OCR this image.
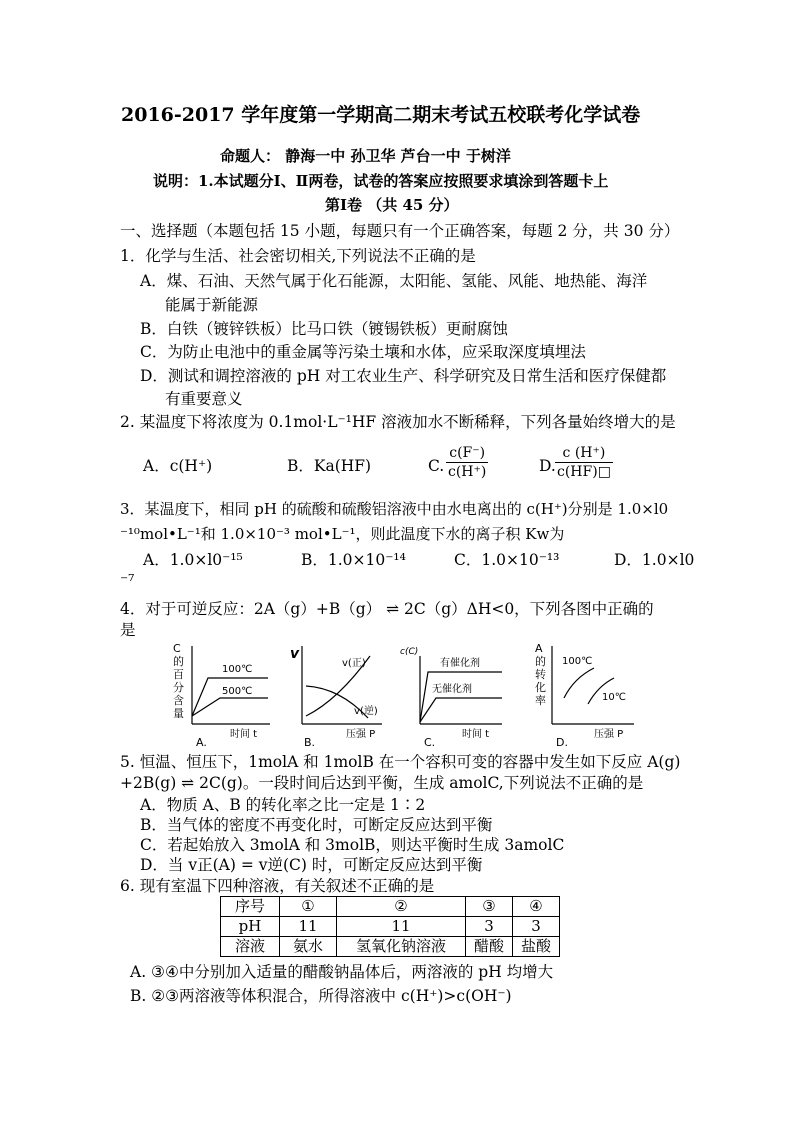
2016-2017 学年度第一学期高二期末考试五校联考化学试卷
命题人： 静海一中 孙卫华 芦台一中 于树洋
说明：1.本试题分Ⅰ、Ⅱ两卷，试卷的答案应按照要求填涂到答题卡上
第Ⅰ卷 （共 45 分）
一、选择题（本题包括 15 小题，每题只有一个正确答案，每题 2 分，共 30 分）
1．化学与生活、社会密切相关,下列说法不正确的是
A．煤、石油、天然气属于化石能源，太阳能、氢能、风能、地热能、海洋
能属于新能源
B．白铁（镀锌铁板）比马口铁（镀锡铁板）更耐腐蚀
C．为防止电池中的重金属等污染土壤和水体，应采取深度填埋法
D．测试和调控溶液的 pH 对工农业生产、科学研究及日常生活和医疗保健都
有重要意义
2. 某温度下将浓度为 0.1mol·L⁻¹HF 溶液加水不断稀释，下列各量始终增大的是
A．c(H⁺)	B．Ka(HF)	C. $\frac{c(F^-)}{c(H^+)}$	D. $\frac{c (H^+)}{c(HF)□}$
3．某温度下，相同 pH 的硫酸和硫酸铝溶液中由水电离出的 c(H⁺)分别是 1.0×l0
⁻¹⁰mol•L⁻¹和 1.0×10⁻³ mol•L⁻¹，则此温度下水的离子积 Kw为
A．1.0×l0⁻¹⁵	B．1.0×10⁻¹⁴	C．1.0×10⁻¹³	D．1.0×l0
⁻⁷
4．对于可逆反应：2A（g）+B（g） ⇌ 2C（g）ΔH<0，下列各图中正确的
是
C
的
百
分
含
量
100℃
500℃
时间 t
A.
v
v(正)
v(逆)
压强 P
B.
c(C)
有催化剂
无催化剂
时间 t
C.
A
的
转
化
率
100℃
10℃
压强 P
D.
5. 恒温、恒压下，1molA 和 1molB 在一个容积可变的容器中发生如下反应 A(g)
+2B(g) ⇌ 2C(g)。一段时间后达到平衡，生成 amolC,下列说法不正确的是
A．物质 A、B 的转化率之比一定是 1∶2
B．当气体的密度不再变化时，可断定反应达到平衡
C．若起始放入 3molA 和 3molB，则达平衡时生成 3amolC
D．当 v正(A) = v逆(C) 时，可断定反应达到平衡
6. 现有室温下四种溶液，有关叙述不正确的是
序号	①	②	③	④
pH	11	11	3	3
溶液	氨水	氢氧化钠溶液	醋酸	盐酸
A. ③④中分别加入适量的醋酸钠晶体后，两溶液的 pH 均增大
B. ②③两溶液等体积混合，所得溶液中 c(H⁺)>c(OH⁻)
